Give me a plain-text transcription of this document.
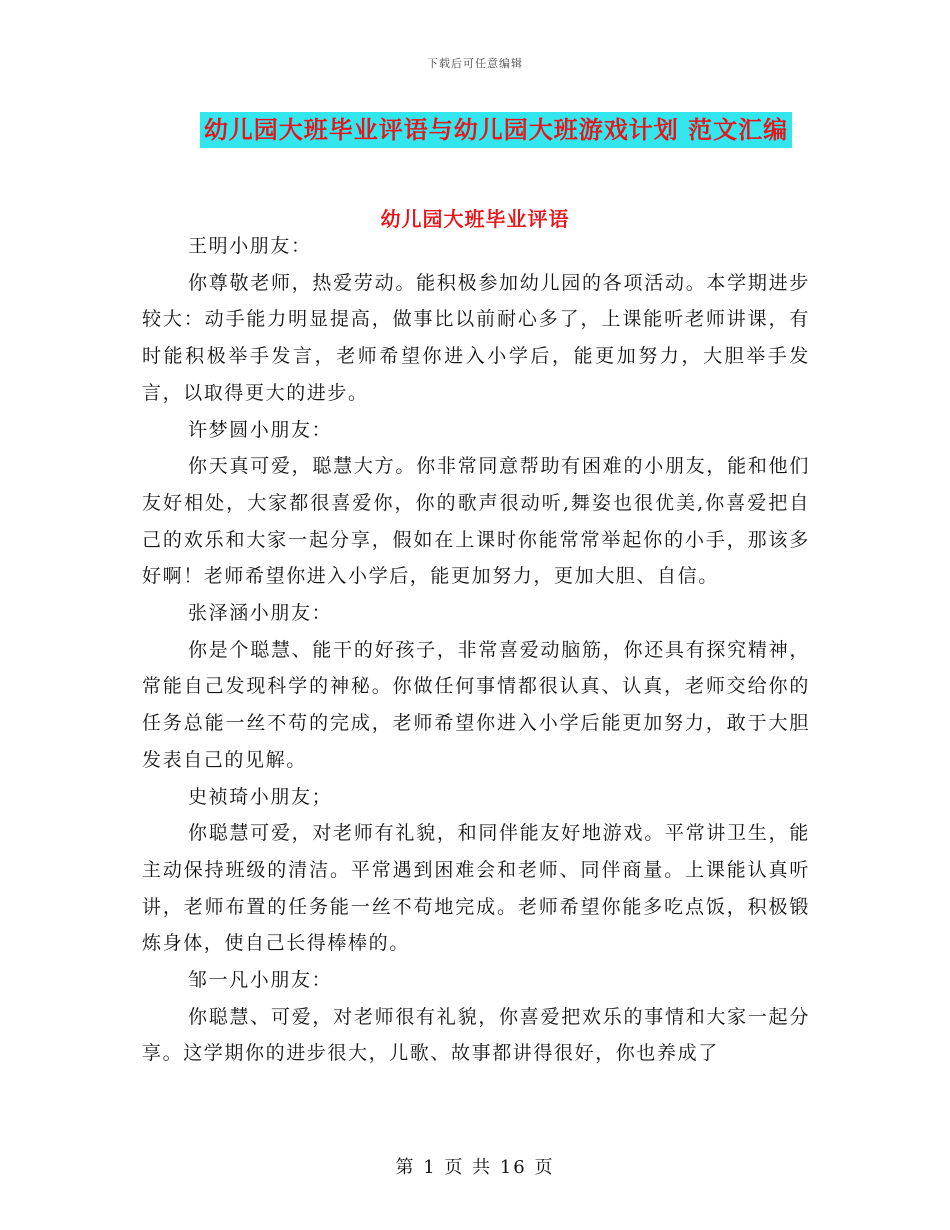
下载后可任意编辑
幼儿园大班毕业评语与幼儿园大班游戏计划 范文汇编
幼儿园大班毕业评语

王明小朋友：

你尊敬老师，热爱劳动。能积极参加幼儿园的各项活动。本学期进步较大：动手能力明显提高，做事比以前耐心多了，上课能听老师讲课，有时能积极举手发言，老师希望你进入小学后，能更加努力，大胆举手发言，以取得更大的进步。

许梦圆小朋友：

你天真可爱，聪慧大方。你非常同意帮助有困难的小朋友，能和他们友好相处，大家都很喜爱你，你的歌声很动听,舞姿也很优美,你喜爱把自己的欢乐和大家一起分享，假如在上课时你能常常举起你的小手，那该多好啊！老师希望你进入小学后，能更加努力，更加大胆、自信。

张泽涵小朋友：

你是个聪慧、能干的好孩子，非常喜爱动脑筋，你还具有探究精神，常能自己发现科学的神秘。你做任何事情都很认真、认真，老师交给你的任务总能一丝不苟的完成，老师希望你进入小学后能更加努力，敢于大胆发表自己的见解。

史祯琦小朋友；

你聪慧可爱，对老师有礼貌，和同伴能友好地游戏。平常讲卫生，能主动保持班级的清洁。平常遇到困难会和老师、同伴商量。上课能认真听讲，老师布置的任务能一丝不苟地完成。老师希望你能多吃点饭，积极锻炼身体，使自己长得棒棒的。

邹一凡小朋友：

你聪慧、可爱，对老师很有礼貌，你喜爱把欢乐的事情和大家一起分享。这学期你的进步很大，儿歌、故事都讲得很好，你也养成了

第 1 页 共 16 页
